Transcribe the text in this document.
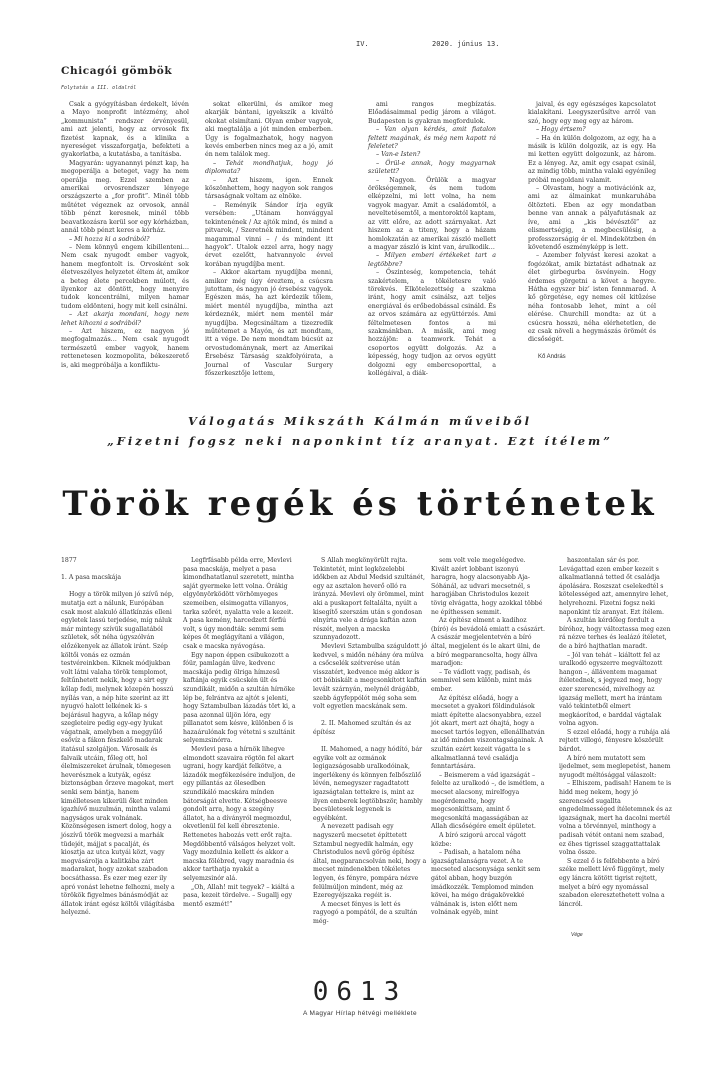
IV.	2020. június 13.
Chicagói gömbök
Folytatás a III. oldalról

Csak a gyógyításban érdekelt, lévén a Mayo nonprofit intézmény, ahol „kommunista” rendszer érvényesül, ami azt jelenti, hogy az orvosok fix fizetést kapnak, és a klinika a nyereséget visszaforgatja, befekteti a gyakorlatba, a kutatásba, a tanításba.

Magyarán: ugyanannyi pénzt kap, ha megoperálja a beteget, vagy ha nem operálja meg. Ezzel szemben az amerikai orvosrendszer lényege országszerte a „for profit”. Minél több műtétet végeznek az orvosok, annál több pénzt keresnek, minél több beavatkozásra kerül sor egy kórházban, annál több pénzt keres a kórház.

– Mi hozza ki a sodrából?

– Nem könnyű engem kibillenteni… Nem csak nyugodt ember vagyok, hanem megfontolt is. Orvosként sok életveszélyes helyzetet éltem át, amikor a beteg élete percekben múlott, és ilyenkor az döntött, hogy menyire tudok koncentrálni, milyen hamar tudom eldönteni, hogy mit kell csinálni.

– Azt akarja mondani, hogy nem lehet kihozni a sodrából?

– Azt hiszem, ez nagyon jó megfogalmazás… Nem csak nyugodt természetű ember vagyok, hanem rettenetesen kozmopolita, békeszerető is, aki megpróbálja a konfliktu-

sokat elkerülni, és amikor meg akarják bántani, igyekszik a kiváltó okokat elsimítani. Olyan ember vagyok, aki megtalálja a jót minden emberben. Úgy is fogalmazhatok, hogy nagyon kevés emberben nincs meg az a jó, amit én nem találok meg.

– Tehát mondhatjuk, hogy jó diplomata?

– Azt hiszem, igen. Ennek köszönhettem, hogy nagyon sok rangos társaságnak voltam az elnöke.

– Reményik Sándor írja egyik versében: „Utánam honvággyal tekintenének / Az ajtók mind, és mind a pitvarok, / Szeretnék mindent, mindent magammal vinni – / és mindent itt hagyok”. Utalok ezzel arra, hogy nagy érvet ezelőtt, hatvannyolc évvel korában nyugdíjba ment.

– Akkor akartam nyugdíjba menni, amikor még úgy éreztem, a csúcsra jutottam, és nagyon jó érsebész vagyok. Egészen más, ha azt kérdezik tőlem, miért mentél nyugdíjba, mintha azt kérdeznék, miért nem mentél már nyugdíjba. Megcsináltam a tizezredik műtétemet a Mayón, és azt mondtam, itt a vége. De nem mondtam búcsút az orvostudománynak, mert az Amerikai Érsebész Társaság szakfolyóirata, a Journal of Vascular Surgery főszerkesztője lettem,

ami rangos megbízatás. Előadásaimmal pedig járom a világot. Budapesten is gyakran megfordulok.

– Van olyan kérdés, amit fiatalon feltett magának, és még nem kapott rá feleletet?

– Van-e Isten?

– Örül-e annak, hogy magyarnak született?

– Nagyon. Örülök a magyar örökségemnek, és nem tudom elképzelni, mi lett volna, ha nem vagyok magyar. Amit a családomtól, a neveltetésemtől, a mentoroktól kaptam, az vitt előre, az adott szárnyakat. Azt hiszem az a titeny, hogy a házam homlokzatán az amerikai zászló mellett a magyar zászló is kint van, árulkodik…

– Milyen emberi értékeket tart a legtöbbre?

– Őszinteség, kompetencia, tehát szakértelem, a tökéletesre való törekvés. Elkötelezettség a szakma iránt, hogy amit csinálsz, azt teljes energiával és erőbedobással csináld. És az orvos számára az együttérzés. Ami féltelmetesen fontos a mi szakmánkban. A másik, ami meg hozzájön: a teamwork. Tehát a csoportos együtt dolgozás. Az a képesség, hogy tudjon az orvos együtt dolgozni egy embercsoporttal, a kollégáival, a diák-

jaival, és egy egészséges kapcsolatot kialakítani. Leegyszerűsítve arról van szó, hogy egy meg egy az három.

– Hogy értsem?

– Ha én külön dolgozom, az egy, ha a másik is külön dolgozik, az is egy. Ha mi ketten együtt dolgozunk, az három. Ez a lényeg. Az, amit egy csapat csinál, az mindig több, mintha valaki egyénileg próbál megoldani valamit.

– Olvastam, hogy a motivációnk az, ami az álmainkat munkaruhába öltözteti. Eben az egy mondatban benne van annak a pályafutásnak az íve, ami a „kis bévésztől” az elismertségig, a megbecsülésig, a professzorságig ér el. Mindekötzben én követendő eszményképp is lett.

– Azember folyvást keresi azokat a fogózókat, amik biztatást adhatnak az élet girbegurba ösvényein. Hogy érdemes görgetni a követ a hegyre. Hátha egyszer biz’ isten fennmarad. A kő görgetése, egy nemes cél kitűzése néha fontosabb lehet, mint a cél elérése. Churchill mondta: az út a csúcsra hosszú, néha elérhetetlen, de ez csak növeli a hegymászás örömét és dicsőségét.

Kő András
Válogatás Mikszáth Kálmán műveiből
„Fizetni fogsz neki naponkint tíz aranyat. Ezt ítélem”
Török regék és történetek

1877

1. A pasa macskája

Hogy a török milyen jó szívű nép, mutatja ezt a nálunk, Európában csak most alakuló állatkínzás elleni egyletek lassú terjedése, míg náluk már mintegy szívük sugallatából születek, sőt néha úgyszólván előzékenyek az állatok iránt. Szép költői vonás ez ozmán testvéreinkben. Kiknek módjukban volt látni valaha török templomot, feltűnhetett nekik, hogy a sírt egy kőlap fedi, melynek közepén hosszú nyílás van, a nép hite szerint az itt nyugvó halott lelkének ki- s bejárásul hagyva, a kőlap négy szegleteire pedig egy-egy lyukat vágatnak, amelyben a meggyűlő esővíz a fákon fészkelő madarak itatásul szolgáljon. Városaik és falvaik utcáin, főleg ott, hol élelmiszereket árulnak, tömegesen heverésznek a kutyák, egész biztonságban őrzeve magokat, mert senki sem bántja, hanem kimélletesen kikerüli őket minden igazhívő muzulmán, mintha valami nagyságos urak volnának. Közönségesen ismert dolog, hogy a jószívű török megvezsi a marhák tüdejét, májjat s pacalját, és kiosztja az utca kutyái közt, vagy megvásárolja a kalitkába zárt madarakat, hogy azokat szabadon bocsáthassa. És ezer meg ezer ily apró vonást lehetne felhozni, mely a törökök figyelmes bánásmódját az állatok iránt egész költői világításba helyezné.

Legfrfásabb példa erre, Mevlevi pasa macskája, melyet a pasa kimondhatatlanul szeretett, mintha saját gyermeke lett volna. Órákig elgyönyörködött vörhömyeges szemeiben, elsimogatta villanyos, tarka szőrét, nyalatta vele a kezeit. A pasa kemény, harcedzett férfiú volt, s úgy mondták: semmi sem képes őt meglágyítani a világon, csak e macska nyávogása.

Egy napon éppen csibukozott a fóür, pamlagán ülve, kedvenc macskája pedig ölriga hímzesű kaftánja egyik csücskén ült és szundikált, midőn a szultán hírnöke lép be, felrántva az ajtót s jelenti, hogy Sztambulban lázadás tört ki, a pasa azonnal üljön lóra, egy pillanatot sem késve, különben ő is hazaárulónak fog vétetni s szultánit selyemzsinórra.

Mevlevi pasa a hírnök lihegve elmondott szavaira rögtön fel akart ugrani, hogy kardját felkötve, a lázadók megfékezésére induljon, de egy pillantás az ölesedben szundikáló macskára mínden bátorságát elvette. Kétségbeesve gondolt arra, hogy a szegény állatot, ha a díványról megmozdul, okvetlenül fel kell ébresztenie. Rettenetes habozás vett erőt rajta. Megdöbbentő válságos helyzet volt. Vagy mozdulnia kellett és akkor a macska fölébred, vagy maradnia és akkor tarthatja nyakát a selyemzsinór alá.

„Oh, Allah! mit tegyek? – kiáltá a pasa, kezeit tördelve. – Sugallj egy mentő eszmét!”

S Allah megkönyörült rajta. Tekintetét, mint legközelebbi időkben az Abdul Medsid szultánét, egy az asztalon heverő olló ra irányzá. Mevlevi oly örömmel, mint aki a puskaport feltalálta, nyúlt a kisegítő szerszám után s gondosan elnyírta vele a drága kaftán azon részét, melyen a macska szunnyadozott.

Mevlevi Sztambulba száguldott jó kedvvel, s midőn néhány óra múlva a csőcselék szétverése után visszatért, kedvence még akkor is ott bóbiskált a megcsonkított kaftán levált szárnyán, melynél drágább, szebb ágyfeppólót még soha sem volt egyetlen macskának sem.

2. II. Mahomed szultán és az építész

II. Mahomed, a nagy hódító, bár egyike volt az ozmánok legigazságosabb uralkodóinak, ingerlékeny és könnyen felbőszülő lévén, nemegyszer ragadtatott igazságtalan tettekre is, mint az ilyen emberek legtöbbször, hambly becsületesek legyenek is egyébként.

A nevezett padisah egy nagyszerű mecsetet építtetett Sztambul negyedik halmán, egy Christodulos nevű görög építész által, megparancsolván neki, hogy a mecset mindenekben tökéletes legyen, és fényre, pompára nézve felülmúljon mindent, még az Ezeregyéjszaka regéit is.

A mecset fényes is lett és ragyogó a pompától, de a szultán még-

sem volt vele megelégedve. Kivált azért lobbant iszonyú haragra, hogy alacsonyabb Aja-Sóhánál, az udvari mecsetnél, s haragjában Christodulos kezeit tövig elvágatta, hogy azokkal többé ne építhessen semmit.

Az építész elment a kadihoz (bíró) és bevádolá emiatt a császárt. A császár megjelentetvén a bíró által, megjelent és le akart ülni, de a bíró megparancsolta, hogy állva maradjon:

– Te vádlott vagy, padisah, és semmivel sem különb, mint más ember.

Az építész előadá, hogy a mecsetet a gyakori földindulások miatt építette alacsonyabbra, ezzel jót akart, mert azt óhajtá, hogy a mecset tartós legyen, ellenállhatván az idő minden viszontagságainak. A szultán ezért kezeit vágatta le s alkalmatlanná tevé családja fenntartására.

– Beismerem a vád igazságát – felelte az uralkodó –, de ismétlem, a mecset alacsony, mirelfogya megérdemelte, hogy megcsonkíttsam, amint ő megcsonkítá magasságában az Allah dicsőségére emelt épületet.

A bíró szigorú arccal vágott közbe:

– Padisah, a hatalom néha igazságtalanságra vezet. A te mecseted alacsonysága senkit sem gátol abban, hogy buzgón imádkozzék. Templomod minden kövei, ha mégo drágakövekké válnának is, isten előtt nem volnának egyéb, mint

haszontalan sár és por. Levágattad ezen ember kezeit s alkalmatlanná tetted őt családja ápolására. Roszszat cselekedtél s kötelességed azt, amennyire lehet, helyrehozni. Fizetni fogsz neki naponkint tíz aranyat. Ezt ítélem.

A szultán kérdőleg fordult a bíróhoz, hogy változtassa meg ezen rá nézve terhes és lealázó ítéletet, de a bíró hajthatlan maradt.

– Jól van tehát – kiáltott fel az uralkodó egyszerre megváltozott hangon –, álláventem magamat ítéletednek, s jegyezd meg, hogy ezer szerencséd, mivelhogy az igazság mellett, mert ha irántam való tekintetből elmert megkáorítod, e barddal vágtalak volna agyon.

S ezzel előadá, hogy a ruhája alá rejtett villogó, fényesre köszörült bárdot.

A bíró nem mutatott sem ijedelmet, sem meglepetést, hanem nyugodt méltósággal válaszolt:

– Elhiszem, padisah! Hanem te is hidd meg nekem, hogy jó szerencséd sugallta engedelmességed ítéletemnek és az igazságnak, mert ha dacolni mertél volna a törvénnyel, minthogy a padisah vétét ontani nem szabad, ez ëhes tigrissel szaggattattalak volna össze.

S ezzel ő is felfebbente a bíró széke mellett lévő függönyt, mely egy láncra kötött tigrist rejtett, melyet a bíró egy nyomással szabadon eleresztethetett volna a láncról.

Vége
0613
A Magyar Hírlap hétvégi melléklete
